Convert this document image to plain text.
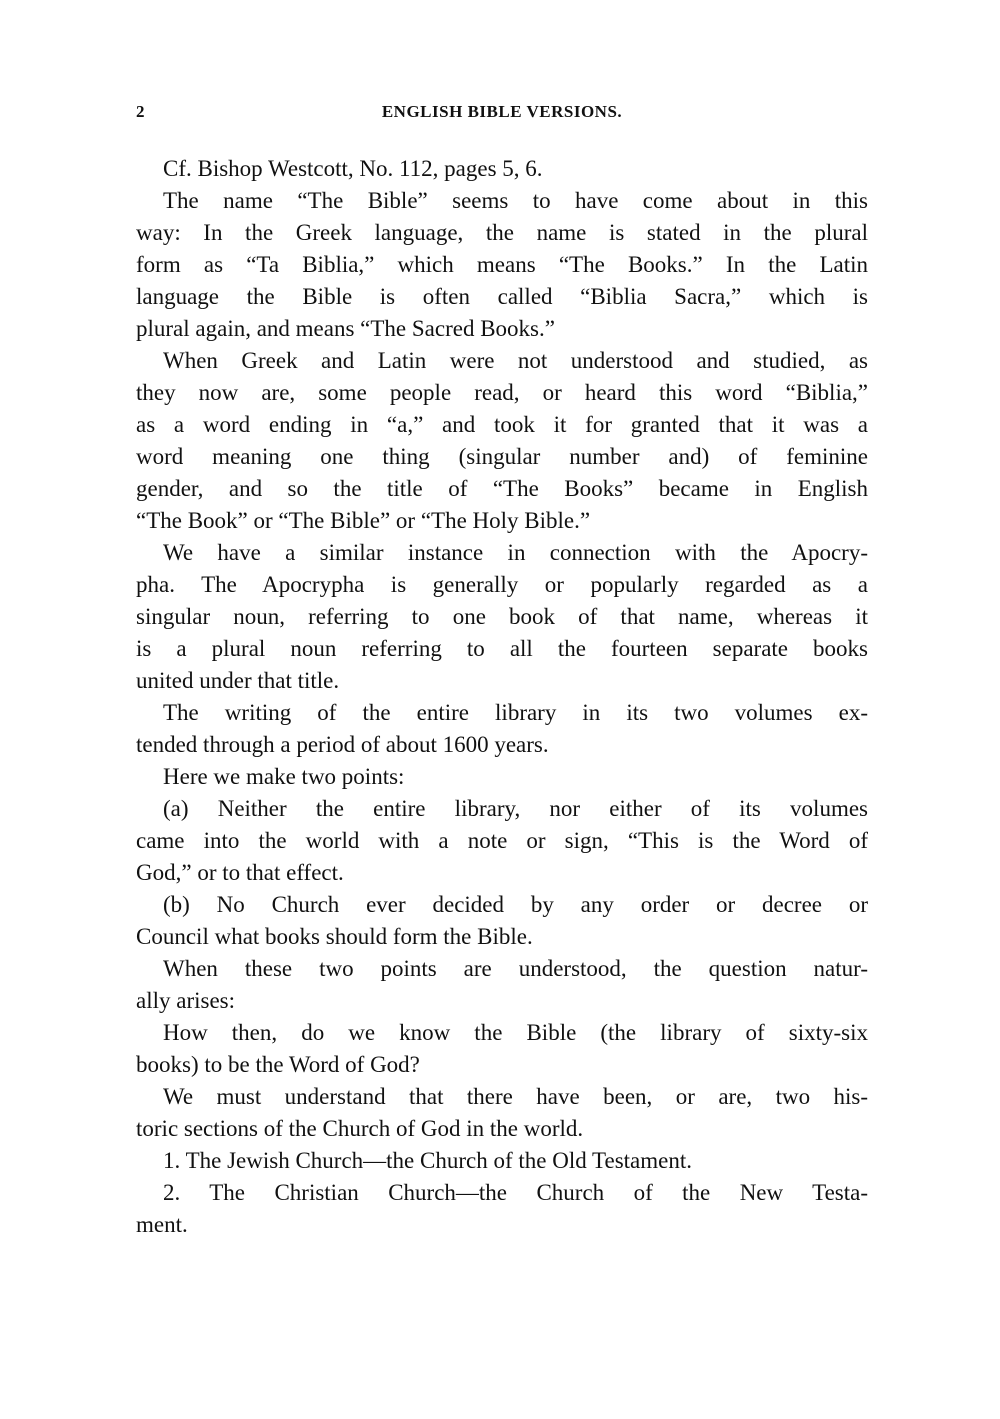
2	ENGLISH BIBLE VERSIONS.
Cf. Bishop Westcott, No. 112, pages 5, 6.
The name “The Bible” seems to have come about in this
way: In the Greek language, the name is stated in the plural
form as “Ta Biblia,” which means “The Books.” In the Latin
language the Bible is often called “Biblia Sacra,” which is
plural again, and means “The Sacred Books.”
When Greek and Latin were not understood and studied, as
they now are, some people read, or heard this word “Biblia,”
as a word ending in “a,” and took it for granted that it was a
word meaning one thing (singular number and) of feminine
gender, and so the title of “The Books” became in English
“The Book” or “The Bible” or “The Holy Bible.”
We have a similar instance in connection with the Apocry-
pha. The Apocrypha is generally or popularly regarded as a
singular noun, referring to one book of that name, whereas it
is a plural noun referring to all the fourteen separate books
united under that title.
The writing of the entire library in its two volumes ex-
tended through a period of about 1600 years.
Here we make two points:
(a) Neither the entire library, nor either of its volumes
came into the world with a note or sign, “This is the Word of
God,” or to that effect.
(b) No Church ever decided by any order or decree or
Council what books should form the Bible.
When these two points are understood, the question natur-
ally arises:
How then, do we know the Bible (the library of sixty-six
books) to be the Word of God?
We must understand that there have been, or are, two his-
toric sections of the Church of God in the world.
1. The Jewish Church—the Church of the Old Testament.
2. The Christian Church—the Church of the New Testa-
ment.
